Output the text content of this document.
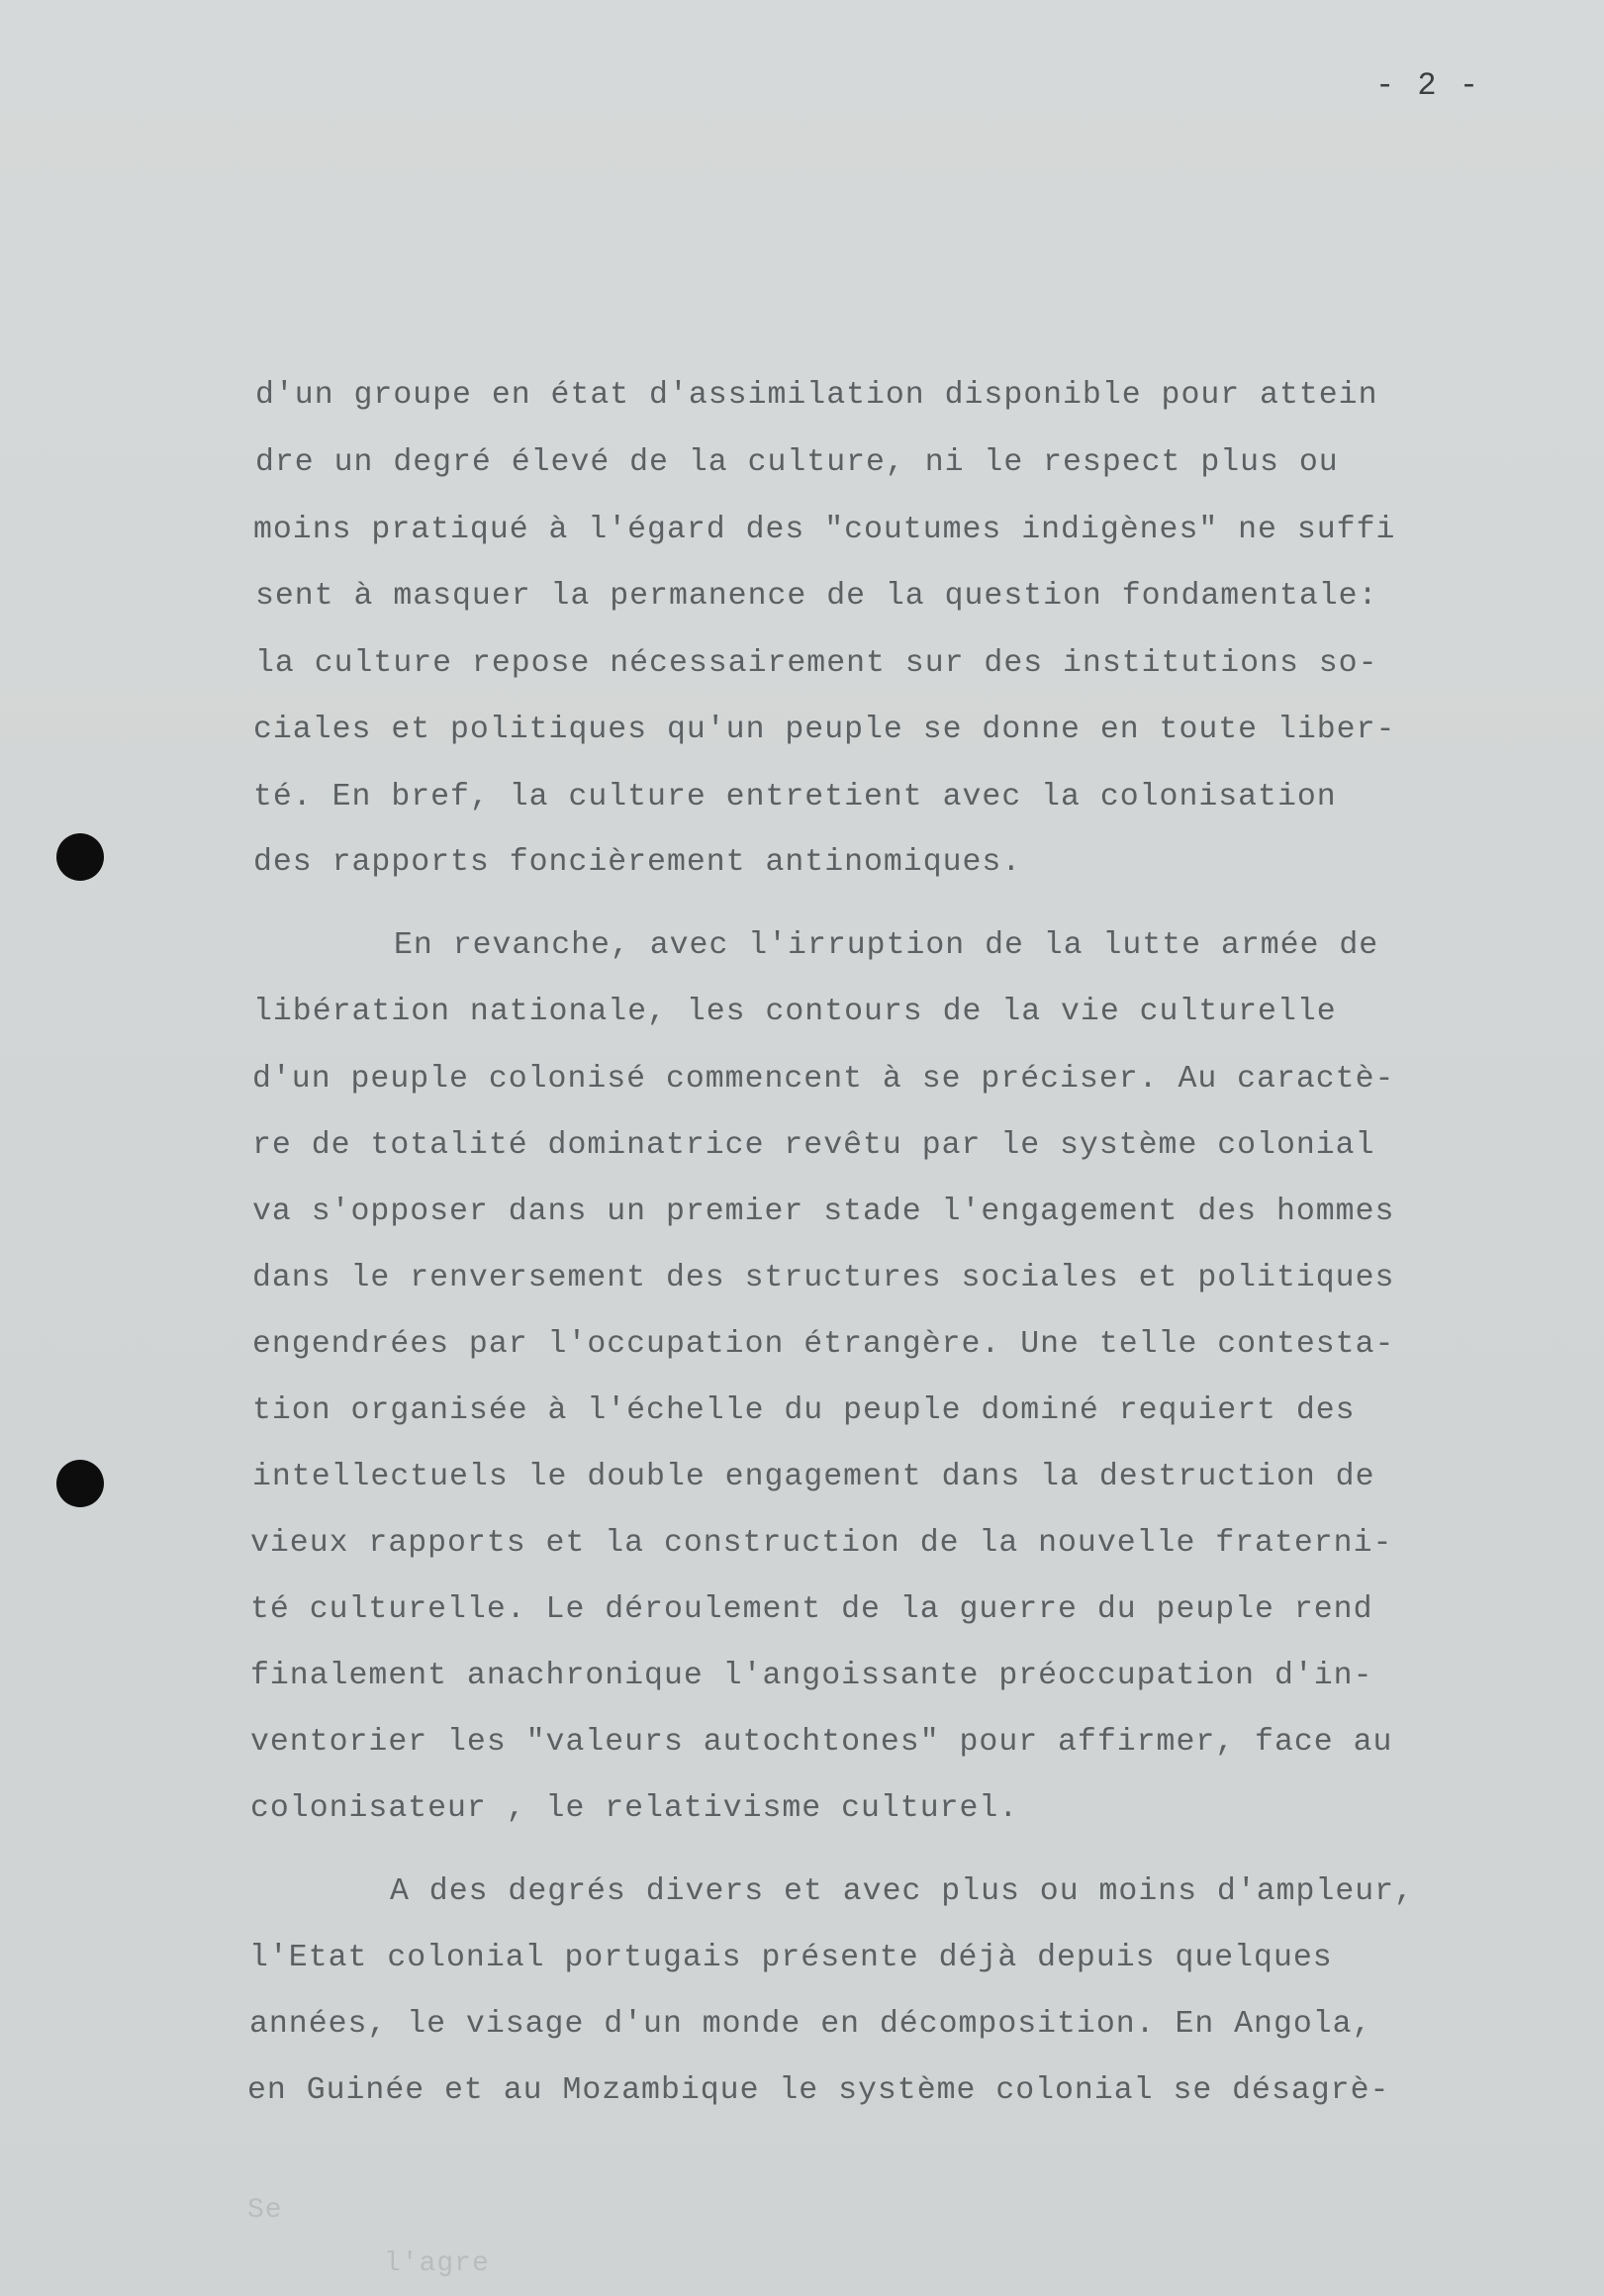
- 2 -
d'un groupe en état d'assimilation disponible pour attein
dre un degré élevé de la culture, ni le respect plus ou
moins pratiqué à l'égard des "coutumes indigènes" ne suffi
sent à masquer la permanence de la question fondamentale:
la culture repose nécessairement sur des institutions so-
ciales et politiques qu'un peuple se donne en toute liber-
té. En bref, la culture entretient avec la colonisation
des rapports foncièrement antinomiques.
En revanche, avec l'irruption de la lutte armée de
libération nationale, les contours de la vie culturelle
d'un peuple colonisé commencent à se préciser. Au caractè-
re de totalité dominatrice revêtu par le système colonial
va s'opposer dans un premier stade l'engagement des hommes
dans le renversement des structures sociales et politiques
engendrées par l'occupation étrangère. Une telle contesta-
tion organisée à l'échelle du peuple dominé requiert des
intellectuels le double engagement dans la destruction de
vieux rapports et la construction de la nouvelle fraterni-
té culturelle. Le déroulement de la guerre du peuple rend
finalement anachronique l'angoissante préoccupation d'in-
ventorier les "valeurs autochtones" pour affirmer, face au
colonisateur , le relativisme culturel.
A des degrés divers et avec plus ou moins d'ampleur,
l'Etat colonial portugais présente déjà depuis quelques
années, le visage d'un monde en décomposition. En Angola,
en Guinée et au Mozambique le système colonial se désagrè-
Se
l'agre
